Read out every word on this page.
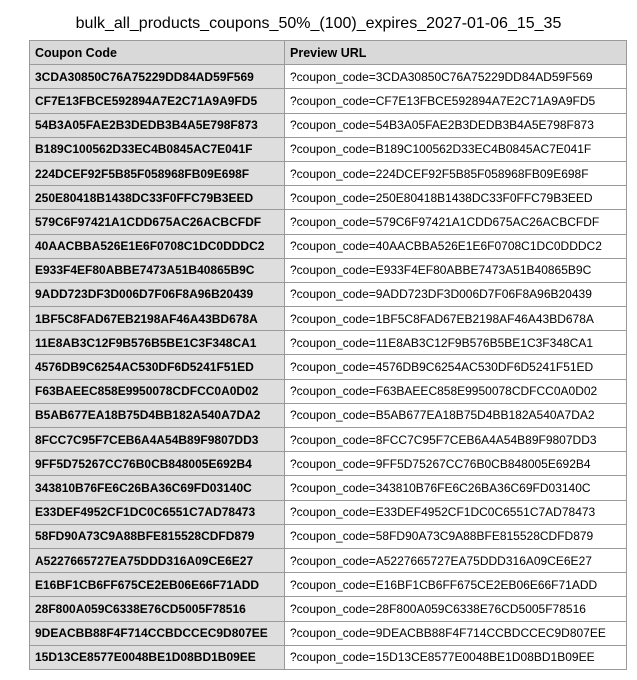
bulk_all_products_coupons_50%_(100)_expires_2027-01-06_15_35
Coupon Code	Preview URL
3CDA30850C76A75229DD84AD59F569	?coupon_code=3CDA30850C76A75229DD84AD59F569
CF7E13FBCE592894A7E2C71A9A9FD5	?coupon_code=CF7E13FBCE592894A7E2C71A9A9FD5
54B3A05FAE2B3DEDB3B4A5E798F873	?coupon_code=54B3A05FAE2B3DEDB3B4A5E798F873
B189C100562D33EC4B0845AC7E041F	?coupon_code=B189C100562D33EC4B0845AC7E041F
224DCEF92F5B85F058968FB09E698F	?coupon_code=224DCEF92F5B85F058968FB09E698F
250E80418B1438DC33F0FFC79B3EED	?coupon_code=250E80418B1438DC33F0FFC79B3EED
579C6F97421A1CDD675AC26ACBCFDF	?coupon_code=579C6F97421A1CDD675AC26ACBCFDF
40AACBBA526E1E6F0708C1DC0DDDC2	?coupon_code=40AACBBA526E1E6F0708C1DC0DDDC2
E933F4EF80ABBE7473A51B40865B9C	?coupon_code=E933F4EF80ABBE7473A51B40865B9C
9ADD723DF3D006D7F06F8A96B20439	?coupon_code=9ADD723DF3D006D7F06F8A96B20439
1BF5C8FAD67EB2198AF46A43BD678A	?coupon_code=1BF5C8FAD67EB2198AF46A43BD678A
11E8AB3C12F9B576B5BE1C3F348CA1	?coupon_code=11E8AB3C12F9B576B5BE1C3F348CA1
4576DB9C6254AC530DF6D5241F51ED	?coupon_code=4576DB9C6254AC530DF6D5241F51ED
F63BAEEC858E9950078CDFCC0A0D02	?coupon_code=F63BAEEC858E9950078CDFCC0A0D02
B5AB677EA18B75D4BB182A540A7DA2	?coupon_code=B5AB677EA18B75D4BB182A540A7DA2
8FCC7C95F7CEB6A4A54B89F9807DD3	?coupon_code=8FCC7C95F7CEB6A4A54B89F9807DD3
9FF5D75267CC76B0CB848005E692B4	?coupon_code=9FF5D75267CC76B0CB848005E692B4
343810B76FE6C26BA36C69FD03140C	?coupon_code=343810B76FE6C26BA36C69FD03140C
E33DEF4952CF1DC0C6551C7AD78473	?coupon_code=E33DEF4952CF1DC0C6551C7AD78473
58FD90A73C9A88BFE815528CDFD879	?coupon_code=58FD90A73C9A88BFE815528CDFD879
A5227665727EA75DDD316A09CE6E27	?coupon_code=A5227665727EA75DDD316A09CE6E27
E16BF1CB6FF675CE2EB06E66F71ADD	?coupon_code=E16BF1CB6FF675CE2EB06E66F71ADD
28F800A059C6338E76CD5005F78516	?coupon_code=28F800A059C6338E76CD5005F78516
9DEACBB88F4F714CCBDCCEC9D807EE	?coupon_code=9DEACBB88F4F714CCBDCCEC9D807EE
15D13CE8577E0048BE1D08BD1B09EE	?coupon_code=15D13CE8577E0048BE1D08BD1B09EE
